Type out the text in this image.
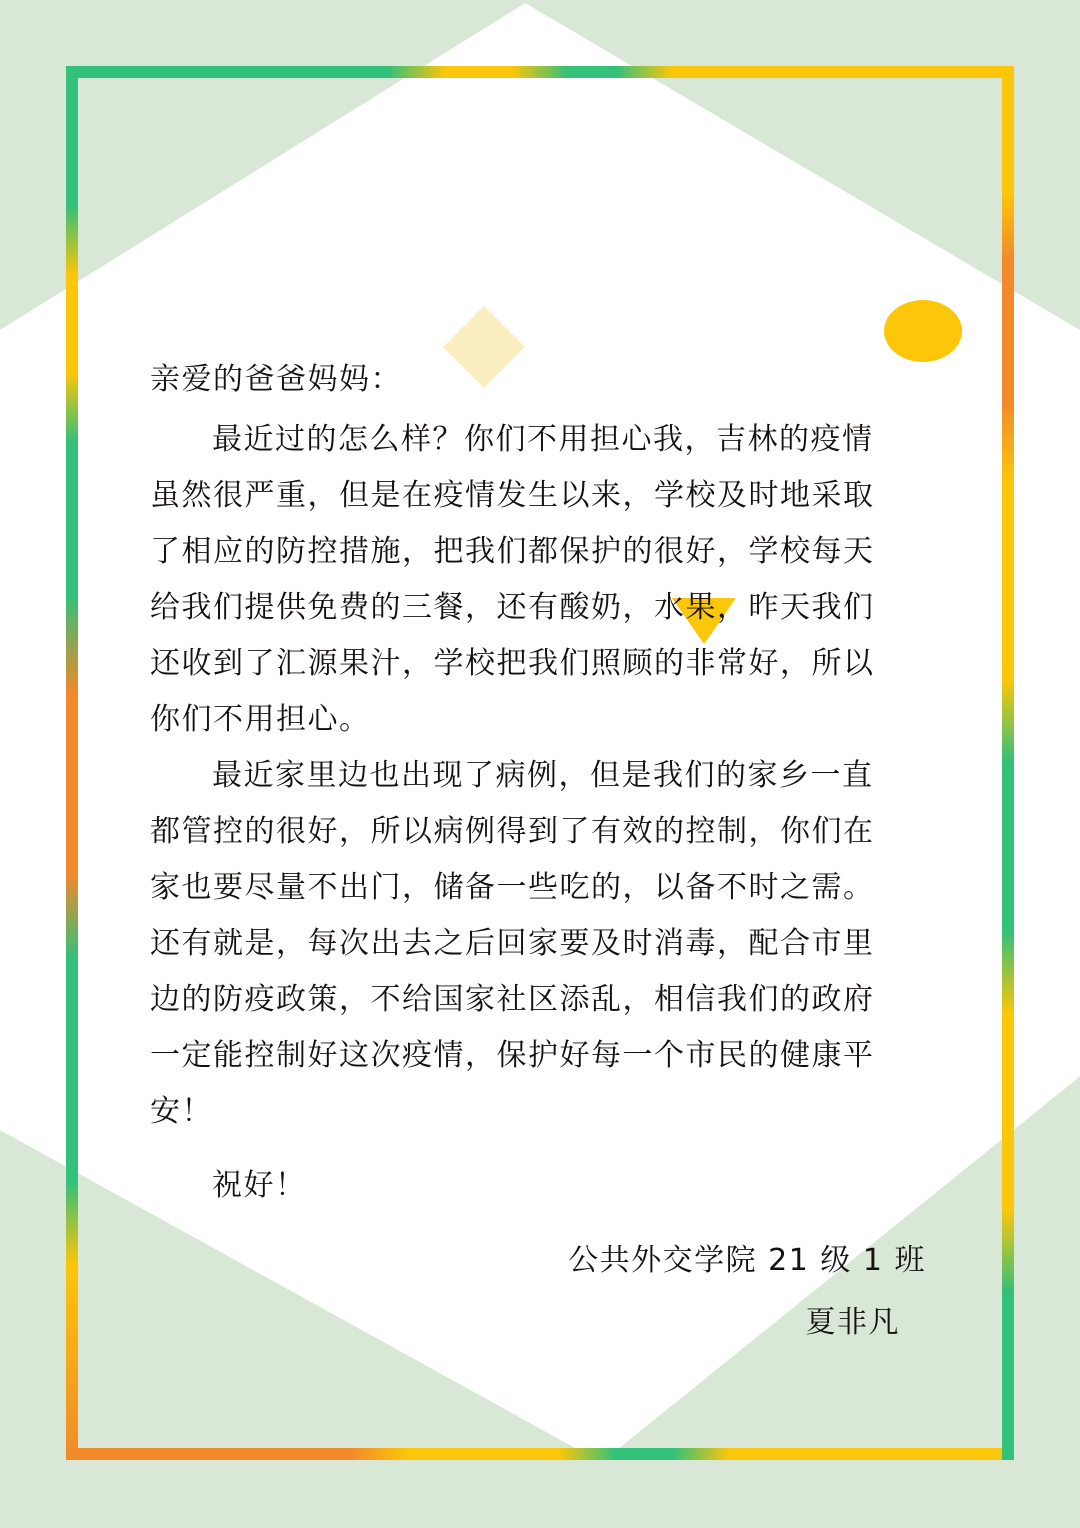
亲爱的爸爸妈妈：
最近过的怎么样？你们不用担心我，吉林的疫情
虽然很严重，但是在疫情发生以来，学校及时地采取
了相应的防控措施，把我们都保护的很好，学校每天
给我们提供免费的三餐，还有酸奶，水果，昨天我们
还收到了汇源果汁，学校把我们照顾的非常好，所以
你们不用担心。
最近家里边也出现了病例，但是我们的家乡一直
都管控的很好，所以病例得到了有效的控制，你们在
家也要尽量不出门，储备一些吃的，以备不时之需。
还有就是，每次出去之后回家要及时消毒，配合市里
边的防疫政策，不给国家社区添乱，相信我们的政府
一定能控制好这次疫情，保护好每一个市民的健康平
安！
祝好！
公共外交学院 21 级 1 班
夏非凡
